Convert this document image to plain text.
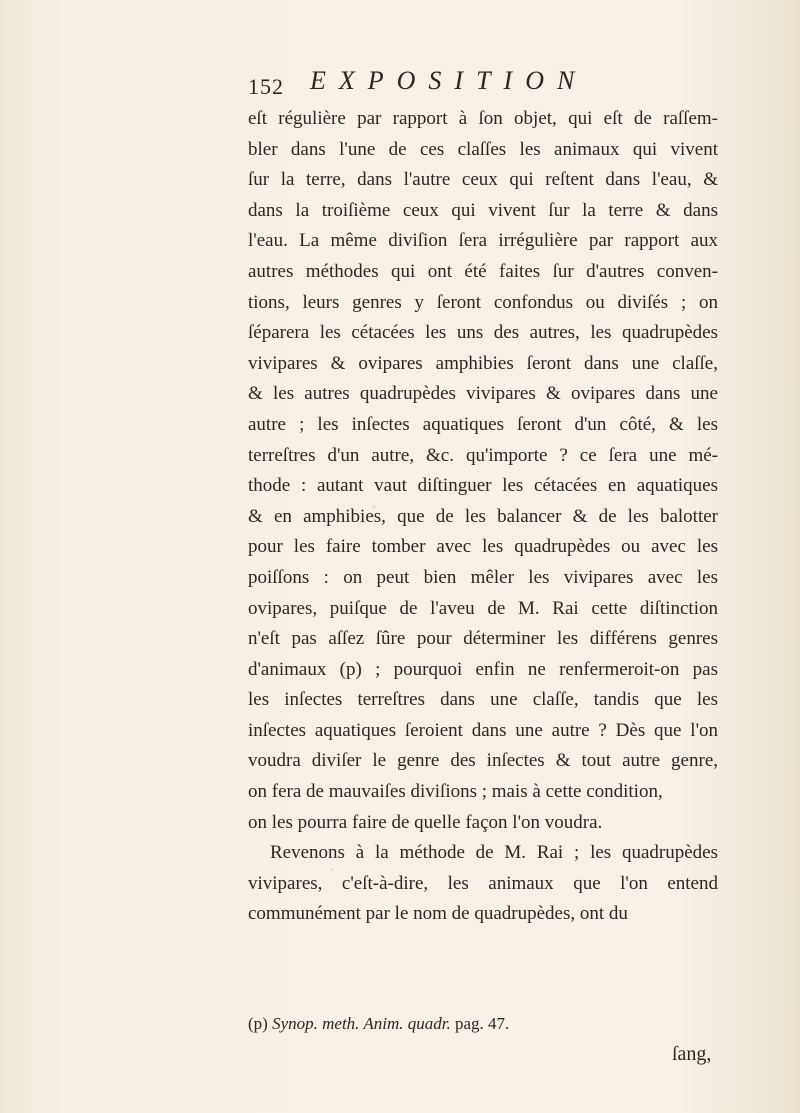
152 EXPOSITION
eſt régulière par rapport à ſon objet, qui eſt de raſſem-
bler dans l'une de ces claſſes les animaux qui vivent
ſur la terre, dans l'autre ceux qui reſtent dans l'eau, &
dans la troiſième ceux qui vivent ſur la terre & dans
l'eau. La même diviſion ſera irrégulière par rapport aux
autres méthodes qui ont été faites ſur d'autres conven-
tions, leurs genres y ſeront confondus ou diviſés ; on
ſéparera les cétacées les uns des autres, les quadrupèdes
vivipares & ovipares amphibies ſeront dans une claſſe,
& les autres quadrupèdes vivipares & ovipares dans une
autre ; les inſectes aquatiques ſeront d'un côté, & les
terreſtres d'un autre, &c. qu'importe ? ce ſera une mé-
thode : autant vaut diſtinguer les cétacées en aquatiques
& en amphibies, que de les balancer & de les balotter
pour les faire tomber avec les quadrupèdes ou avec les
poiſſons : on peut bien mêler les vivipares avec les
ovipares, puiſque de l'aveu de M. Rai cette diſtinction
n'eſt pas aſſez ſûre pour déterminer les différens genres
d'animaux (p) ; pourquoi enfin ne renfermeroit-on pas
les inſectes terreſtres dans une claſſe, tandis que les
inſectes aquatiques ſeroient dans une autre ? Dès que l'on
voudra diviſer le genre des inſectes & tout autre genre,
on fera de mauvaiſes diviſions ; mais à cette condition,
on les pourra faire de quelle façon l'on voudra.
Revenons à la méthode de M. Rai ; les quadrupèdes
vivipares, c'eſt-à-dire, les animaux que l'on entend
communément par le nom de quadrupèdes, ont du
(p) Synop. meth. Anim. quadr. pag. 47.
ſang,
